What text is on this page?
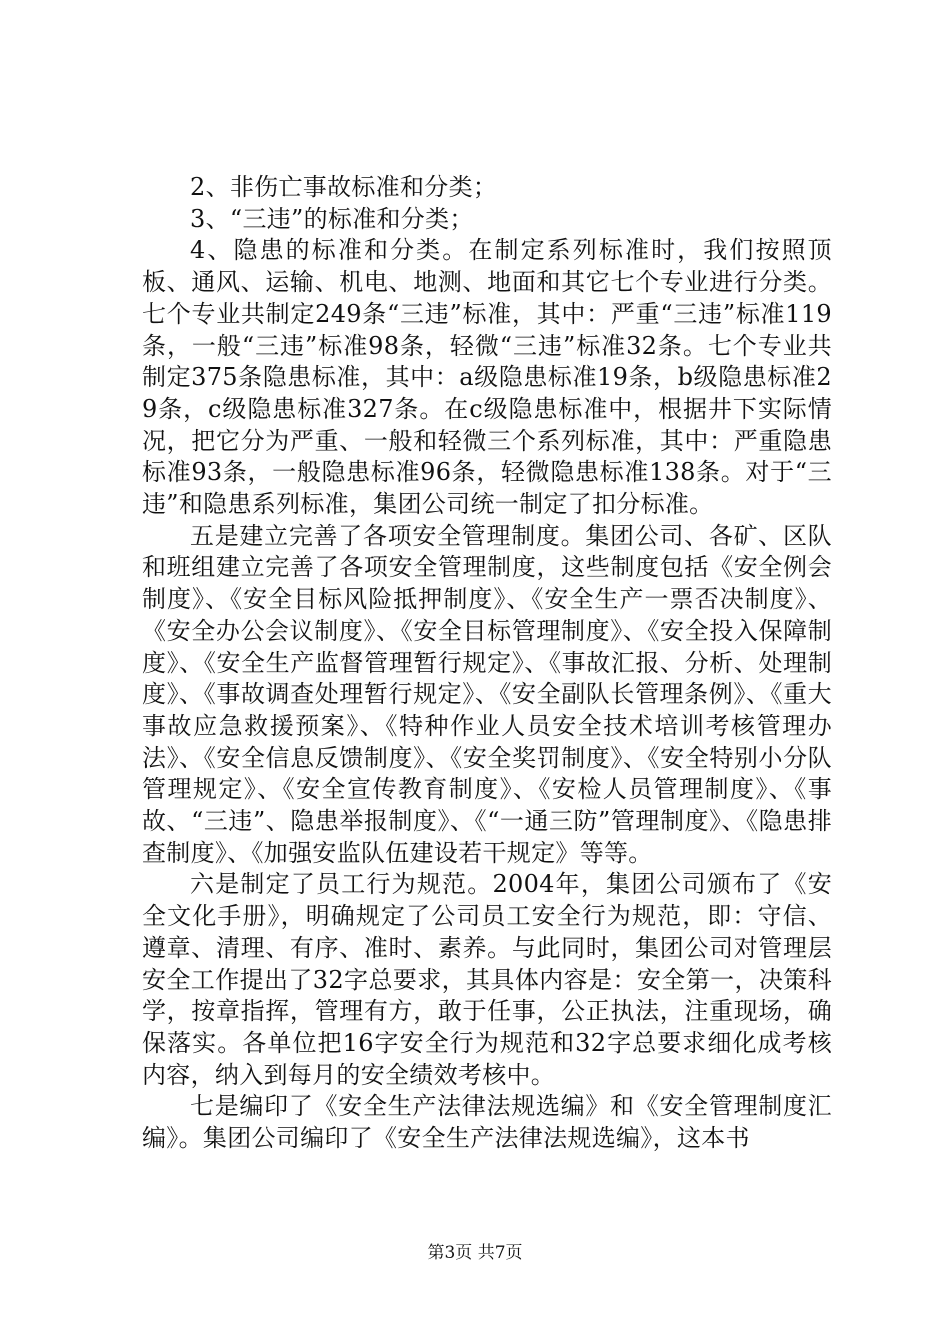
2、非伤亡事故标准和分类；

3、“三违”的标准和分类；

4、隐患的标准和分类。在制定系列标准时，我们按照顶板、通风、运输、机电、地测、地面和其它七个专业进行分类。七个专业共制定249条“三违”标准，其中：严重“三违”标准119条，一般“三违”标准98条，轻微“三违”标准32条。七个专业共制定375条隐患标准，其中：a级隐患标准19条，b级隐患标准29条，c级隐患标准327条。在c级隐患标准中，根据井下实际情况，把它分为严重、一般和轻微三个系列标准，其中：严重隐患标准93条，一般隐患标准96条，轻微隐患标准138条。对于“三违”和隐患系列标准，集团公司统一制定了扣分标准。

五是建立完善了各项安全管理制度。集团公司、各矿、区队和班组建立完善了各项安全管理制度，这些制度包括《安全例会制度》、《安全目标风险抵押制度》、《安全生产一票否决制度》、《安全办公会议制度》、《安全目标管理制度》、《安全投入保障制度》、《安全生产监督管理暂行规定》、《事故汇报、分析、处理制度》、《事故调查处理暂行规定》、《安全副队长管理条例》、《重大事故应急救援预案》、《特种作业人员安全技术培训考核管理办法》、《安全信息反馈制度》、《安全奖罚制度》、《安全特别小分队管理规定》、《安全宣传教育制度》、《安检人员管理制度》、《事故、“三违”、隐患举报制度》、《“一通三防”管理制度》、《隐患排查制度》、《加强安监队伍建设若干规定》等等。

六是制定了员工行为规范。2004年，集团公司颁布了《安全文化手册》，明确规定了公司员工安全行为规范，即：守信、遵章、清理、有序、准时、素养。与此同时，集团公司对管理层安全工作提出了32字总要求，其具体内容是：安全第一，决策科学，按章指挥，管理有方，敢于任事，公正执法，注重现场，确保落实。各单位把16字安全行为规范和32字总要求细化成考核内容，纳入到每月的安全绩效考核中。

七是编印了《安全生产法律法规选编》和《安全管理制度汇编》。集团公司编印了《安全生产法律法规选编》，这本书

第3页 共7页
